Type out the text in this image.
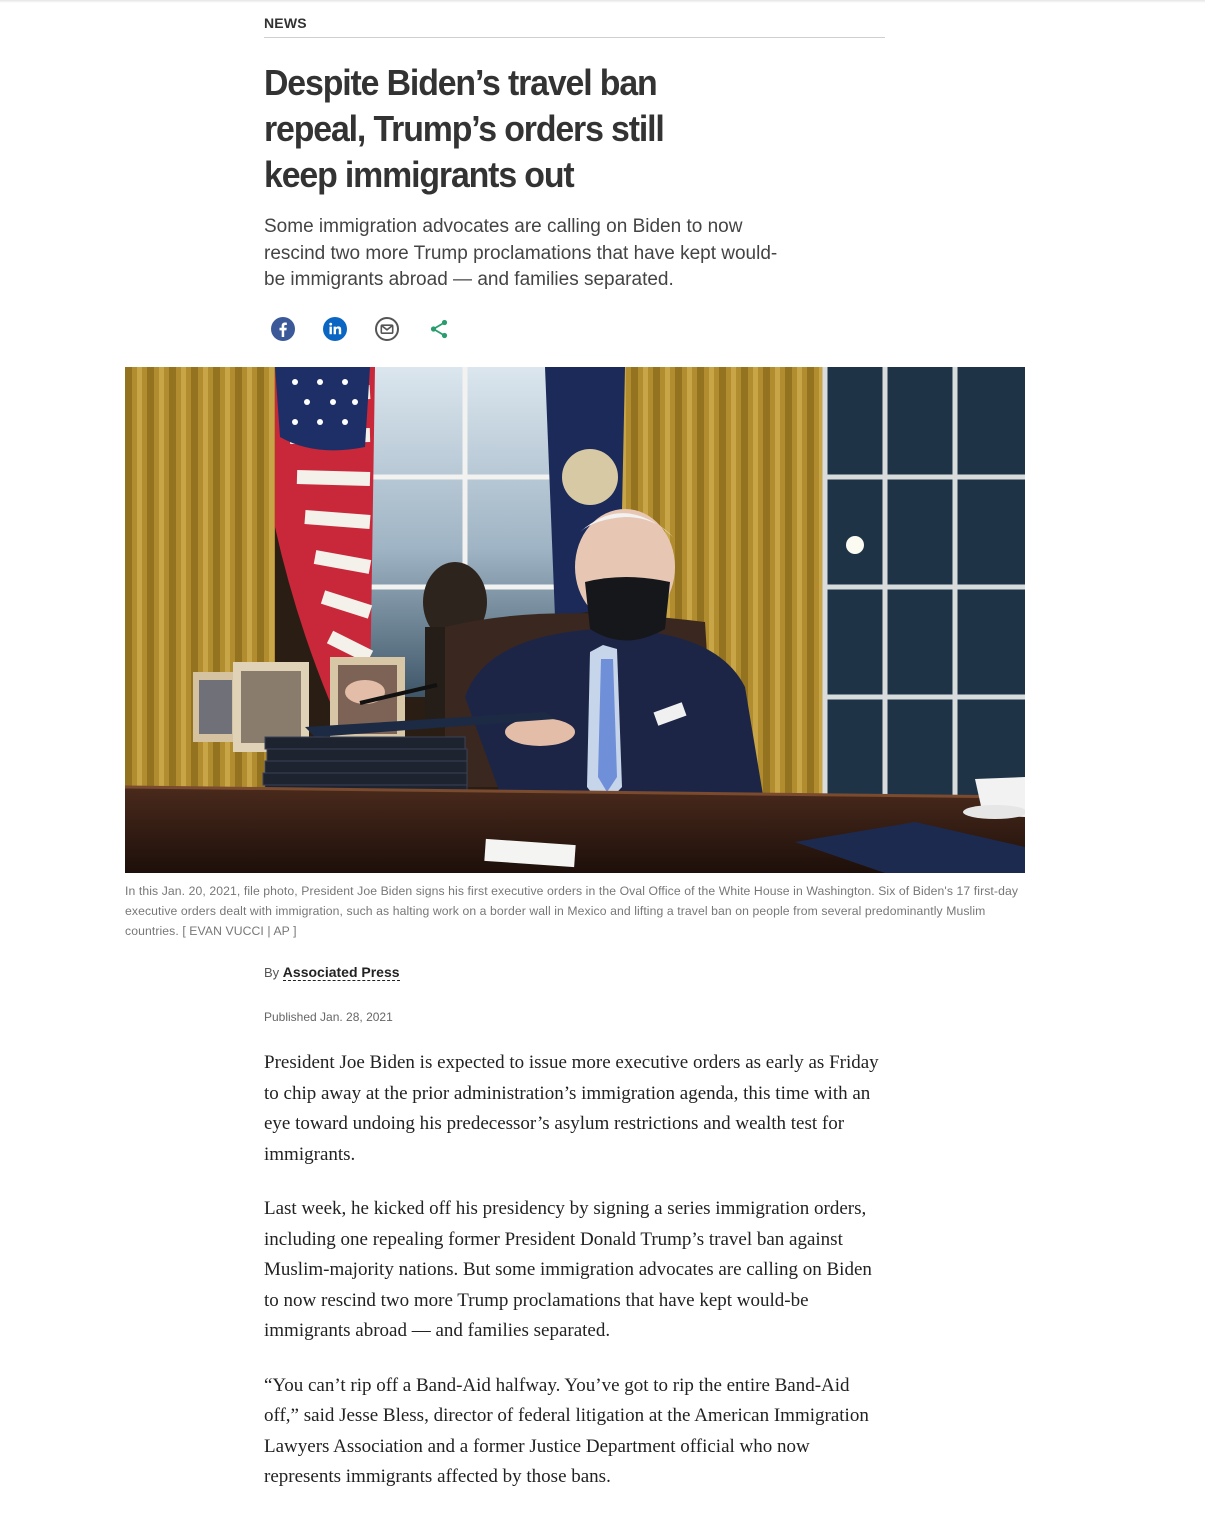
NEWS
Despite Biden’s travel ban repeal, Trump’s orders still keep immigrants out
Some immigration advocates are calling on Biden to now rescind two more Trump proclamations that have kept would-be immigrants abroad — and families separated.

In this Jan. 20, 2021, file photo, President Joe Biden signs his first executive orders in the Oval Office of the White House in Washington. Six of Biden's 17 first-day executive orders dealt with immigration, such as halting work on a border wall in Mexico and lifting a travel ban on people from several predominantly Muslim countries. [ EVAN VUCCI | AP ]

By Associated Press
Published Jan. 28, 2021

President Joe Biden is expected to issue more executive orders as early as Friday to chip away at the prior administration’s immigration agenda, this time with an eye toward undoing his predecessor’s asylum restrictions and wealth test for immigrants.

Last week, he kicked off his presidency by signing a series immigration orders, including one repealing former President Donald Trump’s travel ban against Muslim-majority nations. But some immigration advocates are calling on Biden to now rescind two more Trump proclamations that have kept would-be immigrants abroad — and families separated.

“You can’t rip off a Band-Aid halfway. You’ve got to rip the entire Band-Aid off,” said Jesse Bless, director of federal litigation at the American Immigration Lawyers Association and a former Justice Department official who now represents immigrants affected by those bans.
